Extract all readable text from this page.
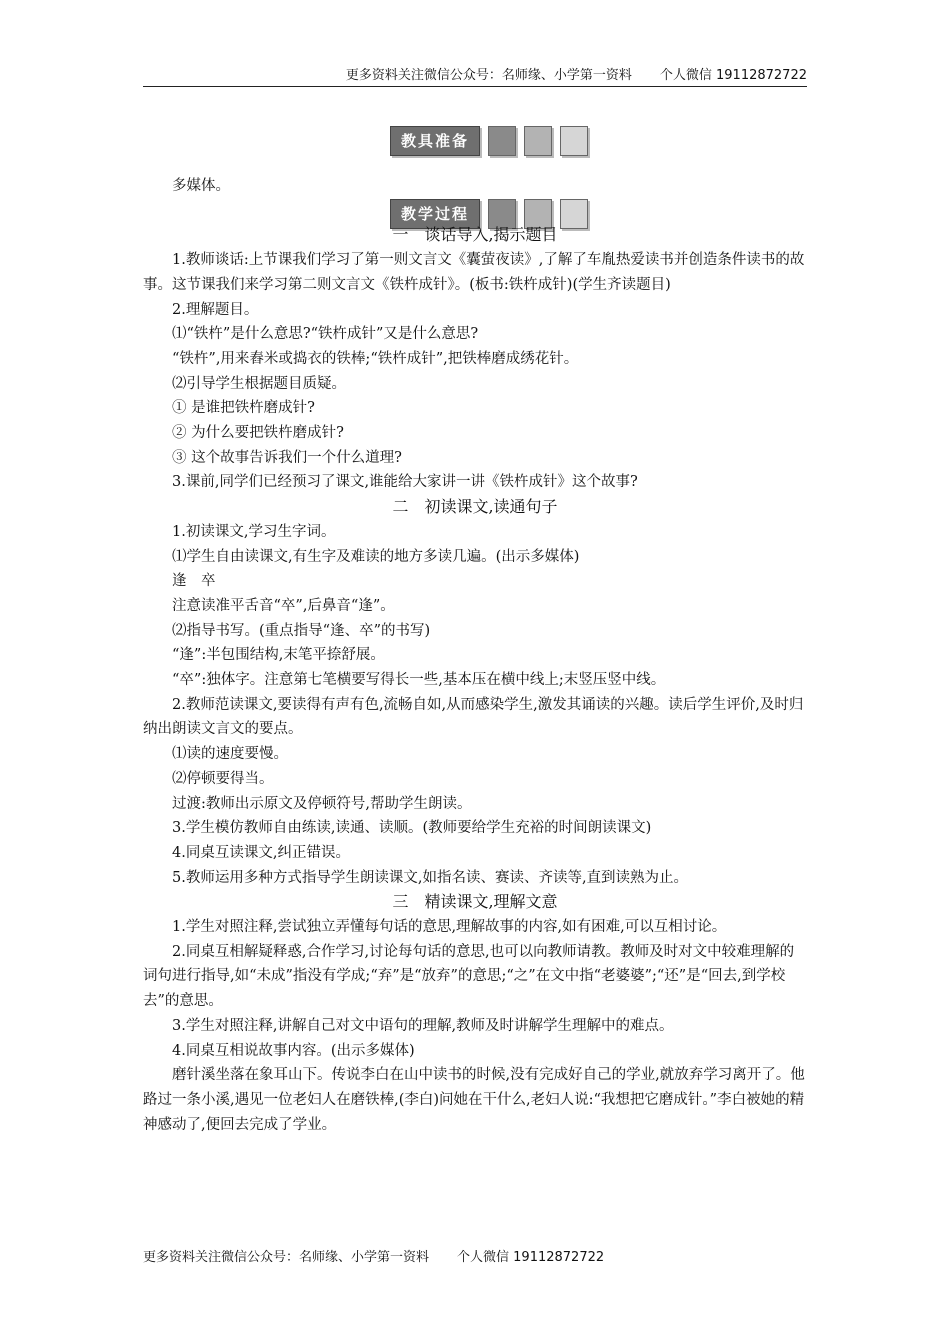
更多资料关注微信公众号：名师缘、小学第一资料 个人微信 19112872722
教具准备
教学过程

多媒体。

一　谈话导入,揭示题目

1.教师谈话:上节课我们学习了第一则文言文《囊萤夜读》,了解了车胤热爱读书并创造条件读书的故事。这节课我们来学习第二则文言文《铁杵成针》。(板书:铁杵成针)(学生齐读题目)

2.理解题目。

⑴“铁杵”是什么意思?“铁杵成针”又是什么意思?

“铁杵”,用来舂米或捣衣的铁棒;“铁杵成针”,把铁棒磨成绣花针。

⑵引导学生根据题目质疑。

① 是谁把铁杵磨成针?

② 为什么要把铁杵磨成针?

③ 这个故事告诉我们一个什么道理?

3.课前,同学们已经预习了课文,谁能给大家讲一讲《铁杵成针》这个故事?

二　初读课文,读通句子

1.初读课文,学习生字词。

⑴学生自由读课文,有生字及难读的地方多读几遍。(出示多媒体)

逢　卒

注意读准平舌音“卒”,后鼻音“逢”。

⑵指导书写。(重点指导“逢、卒”的书写)

“逢”:半包围结构,末笔平捺舒展。

“卒”:独体字。注意第七笔横要写得长一些,基本压在横中线上;末竖压竖中线。

2.教师范读课文,要读得有声有色,流畅自如,从而感染学生,激发其诵读的兴趣。读后学生评价,及时归纳出朗读文言文的要点。

⑴读的速度要慢。

⑵停顿要得当。

过渡:教师出示原文及停顿符号,帮助学生朗读。

3.学生模仿教师自由练读,读通、读顺。(教师要给学生充裕的时间朗读课文)

4.同桌互读课文,纠正错误。

5.教师运用多种方式指导学生朗读课文,如指名读、赛读、齐读等,直到读熟为止。

三　精读课文,理解文意

1.学生对照注释,尝试独立弄懂每句话的意思,理解故事的内容,如有困难,可以互相讨论。

2.同桌互相解疑释惑,合作学习,讨论每句话的意思,也可以向教师请教。教师及时对文中较难理解的词句进行指导,如“未成”指没有学成;“弃”是“放弃”的意思;“之”在文中指“老婆婆”;“还”是“回去,到学校去”的意思。

3.学生对照注释,讲解自己对文中语句的理解,教师及时讲解学生理解中的难点。

4.同桌互相说故事内容。(出示多媒体)

磨针溪坐落在象耳山下。传说李白在山中读书的时候,没有完成好自己的学业,就放弃学习离开了。他路过一条小溪,遇见一位老妇人在磨铁棒,(李白)问她在干什么,老妇人说:“我想把它磨成针。”李白被她的精神感动了,便回去完成了学业。

更多资料关注微信公众号：名师缘、小学第一资料 个人微信 19112872722
